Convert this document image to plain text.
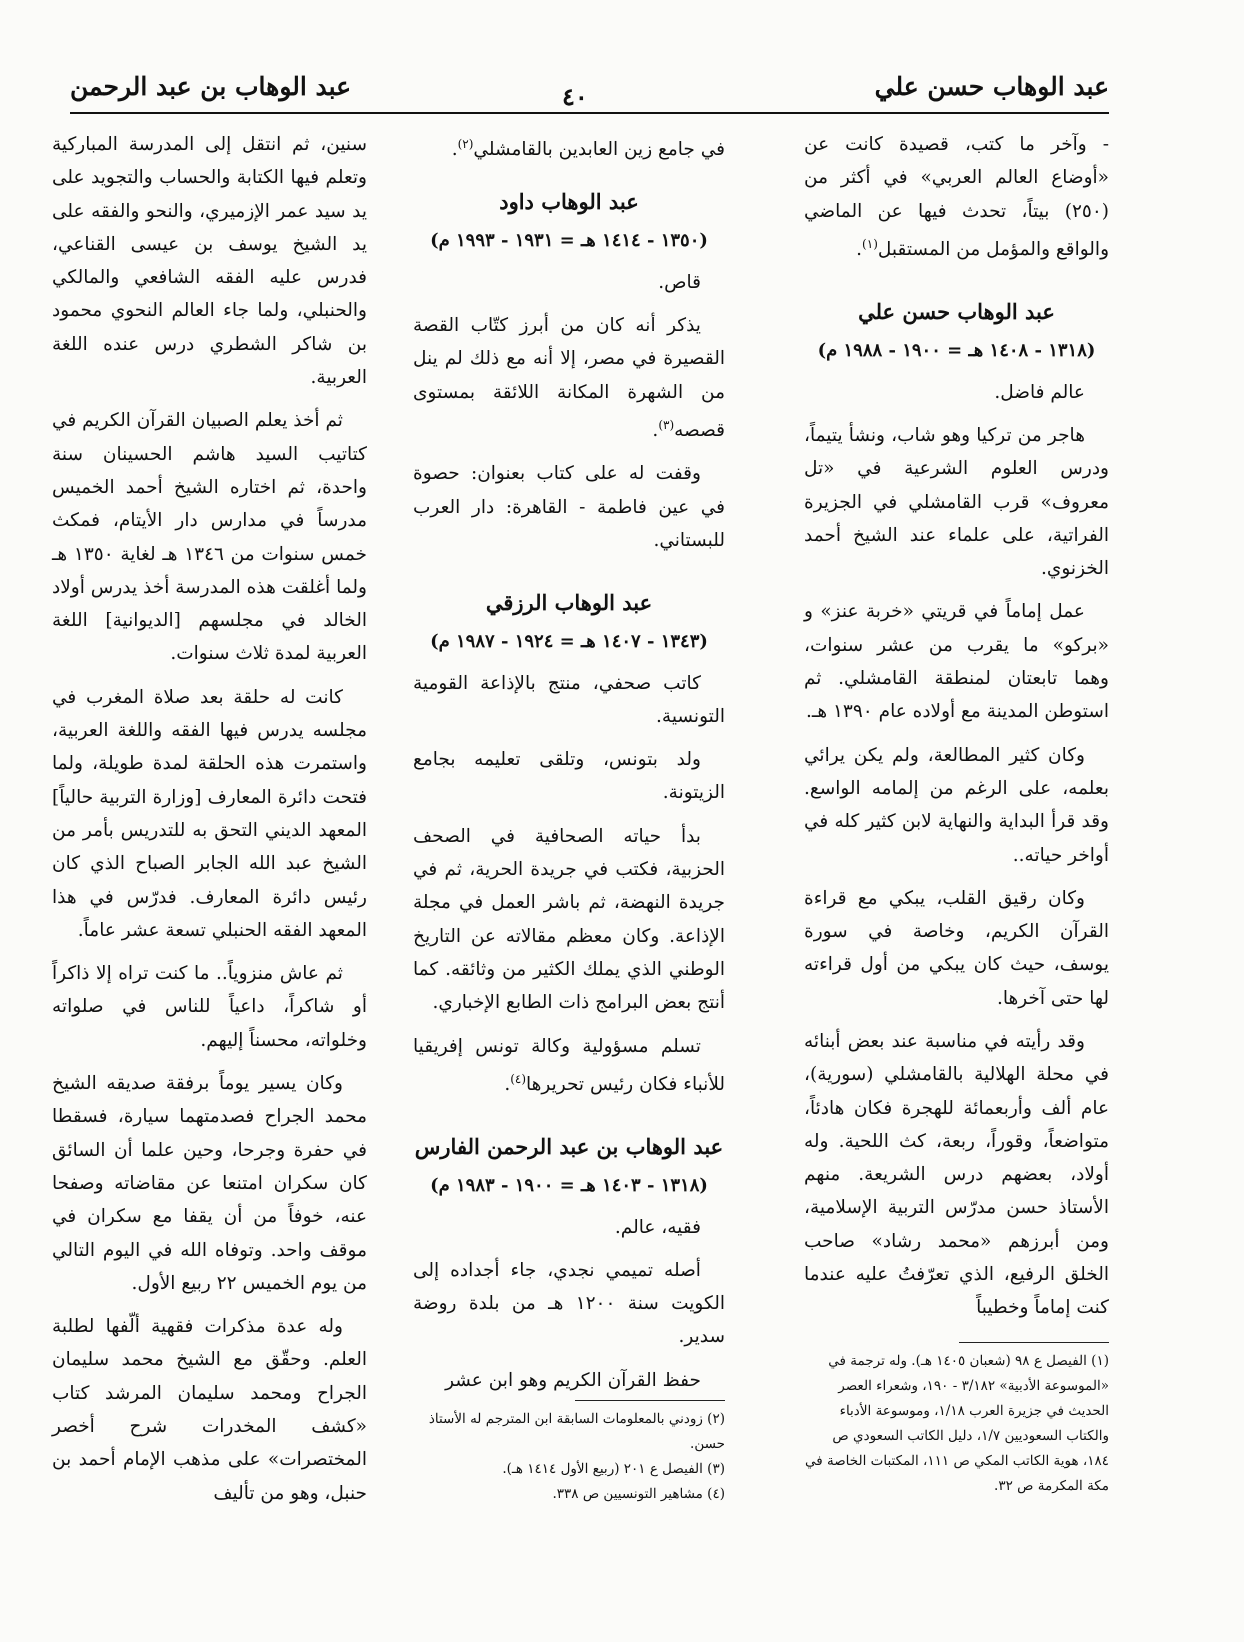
عبد الوهاب حسن علي
٤٠
عبد الوهاب بن عبد الرحمن

- وآخر ما كتب، قصيدة كانت عن «أوضاع العالم العربي» في أكثر من (٢٥٠) بيتاً، تحدث فيها عن الماضي والواقع والمؤمل من المستقبل$^{(١)}$.

عبد الوهاب حسن علي
(١٣١٨ - ١٤٠٨ هـ = ١٩٠٠ - ١٩٨٨ م)

عالم فاضل.

هاجر من تركيا وهو شاب، ونشأ يتيماً، ودرس العلوم الشرعية في «تل معروف» قرب القامشلي في الجزيرة الفراتية، على علماء عند الشيخ أحمد الخزنوي.

عمل إماماً في قريتي «خربة عنز» و «بركو» ما يقرب من عشر سنوات، وهما تابعتان لمنطقة القامشلي. ثم استوطن المدينة مع أولاده عام ١٣٩٠ هـ.

وكان كثير المطالعة، ولم يكن يرائي بعلمه، على الرغم من إلمامه الواسع. وقد قرأ البداية والنهاية لابن كثير كله في أواخر حياته..

وكان رقيق القلب، يبكي مع قراءة القرآن الكريم، وخاصة في سورة يوسف، حيث كان يبكي من أول قراءته لها حتى آخرها.

وقد رأيته في مناسبة عند بعض أبنائه في محلة الهلالية بالقامشلي (سورية)، عام ألف وأربعمائة للهجرة فكان هادئاً، متواضعاً، وقوراً، ربعة، كث اللحية. وله أولاد، بعضهم درس الشريعة. منهم الأستاذ حسن مدرّس التربية الإسلامية، ومن أبرزهم «محمد رشاد» صاحب الخلق الرفيع، الذي تعرّفتُ عليه عندما كنت إماماً وخطيباً

(١) الفيصل ع ٩٨ (شعبان ١٤٠٥ هـ). وله ترجمة في «الموسوعة الأدبية» ٣/١٨٢ - ١٩٠، وشعراء العصر الحديث في جزيرة العرب ١/١٨، وموسوعة الأدباء والكتاب السعوديين ١/٧، دليل الكاتب السعودي ص ١٨٤، هوية الكاتب المكي ص ١١١، المكتبات الخاصة في مكة المكرمة ص ٣٢.

في جامع زين العابدين بالقامشلي$^{(٢)}$.

عبد الوهاب داود
(١٣٥٠ - ١٤١٤ هـ = ١٩٣١ - ١٩٩٣ م)

قاص.

يذكر أنه كان من أبرز كتّاب القصة القصيرة في مصر، إلا أنه مع ذلك لم ينل من الشهرة المكانة اللائقة بمستوى قصصه$^{(٣)}$.

وقفت له على كتاب بعنوان: حصوة في عين فاطمة - القاهرة: دار العرب للبستاني.

عبد الوهاب الرزقي
(١٣٤٣ - ١٤٠٧ هـ = ١٩٢٤ - ١٩٨٧ م)

كاتب صحفي، منتج بالإذاعة القومية التونسية.

ولد بتونس، وتلقى تعليمه بجامع الزيتونة.

بدأ حياته الصحافية في الصحف الحزبية، فكتب في جريدة الحرية، ثم في جريدة النهضة، ثم باشر العمل في مجلة الإذاعة. وكان معظم مقالاته عن التاريخ الوطني الذي يملك الكثير من وثائقه. كما أنتج بعض البرامج ذات الطابع الإخباري.

تسلم مسؤولية وكالة تونس إفريقيا للأنباء فكان رئيس تحريرها$^{(٤)}$.

عبد الوهاب بن عبد الرحمن الفارس
(١٣١٨ - ١٤٠٣ هـ = ١٩٠٠ - ١٩٨٣ م)

فقيه، عالم.

أصله تميمي نجدي، جاء أجداده إلى الكويت سنة ١٢٠٠ هـ من بلدة روضة سدير.

حفظ القرآن الكريم وهو ابن عشر

(٢) زودني بالمعلومات السابقة ابن المترجم له الأستاذ حسن.

(٣) الفيصل ع ٢٠١ (ربيع الأول ١٤١٤ هـ).

(٤) مشاهير التونسيين ص ٣٣٨.

سنين، ثم انتقل إلى المدرسة المباركية وتعلم فيها الكتابة والحساب والتجويد على يد سيد عمر الإزميري، والنحو والفقه على يد الشيخ يوسف بن عيسى القناعي، فدرس عليه الفقه الشافعي والمالكي والحنبلي، ولما جاء العالم النحوي محمود بن شاكر الشطري درس عنده اللغة العربية.

ثم أخذ يعلم الصبيان القرآن الكريم في كتاتيب السيد هاشم الحسينان سنة واحدة، ثم اختاره الشيخ أحمد الخميس مدرساً في مدارس دار الأيتام، فمكث خمس سنوات من ١٣٤٦ هـ لغاية ١٣٥٠ هـ ولما أغلقت هذه المدرسة أخذ يدرس أولاد الخالد في مجلسهم [الديوانية] اللغة العربية لمدة ثلاث سنوات.

كانت له حلقة بعد صلاة المغرب في مجلسه يدرس فيها الفقه واللغة العربية، واستمرت هذه الحلقة لمدة طويلة، ولما فتحت دائرة المعارف [وزارة التربية حالياً] المعهد الديني التحق به للتدريس بأمر من الشيخ عبد الله الجابر الصباح الذي كان رئيس دائرة المعارف. فدرّس في هذا المعهد الفقه الحنبلي تسعة عشر عاماً.

ثم عاش منزوياً.. ما كنت تراه إلا ذاكراً أو شاكراً، داعياً للناس في صلواته وخلواته، محسناً إليهم.

وكان يسير يوماً برفقة صديقه الشيخ محمد الجراح فصدمتهما سيارة، فسقطا في حفرة وجرحا، وحين علما أن السائق كان سكران امتنعا عن مقاضاته وصفحا عنه، خوفاً من أن يقفا مع سكران في موقف واحد. وتوفاه الله في اليوم التالي من يوم الخميس ٢٢ ربيع الأول.

وله عدة مذكرات فقهية ألّفها لطلبة العلم. وحقّق مع الشيخ محمد سليمان الجراح ومحمد سليمان المرشد كتاب «كشف المخدرات شرح أخصر المختصرات» على مذهب الإمام أحمد بن حنبل، وهو من تأليف
